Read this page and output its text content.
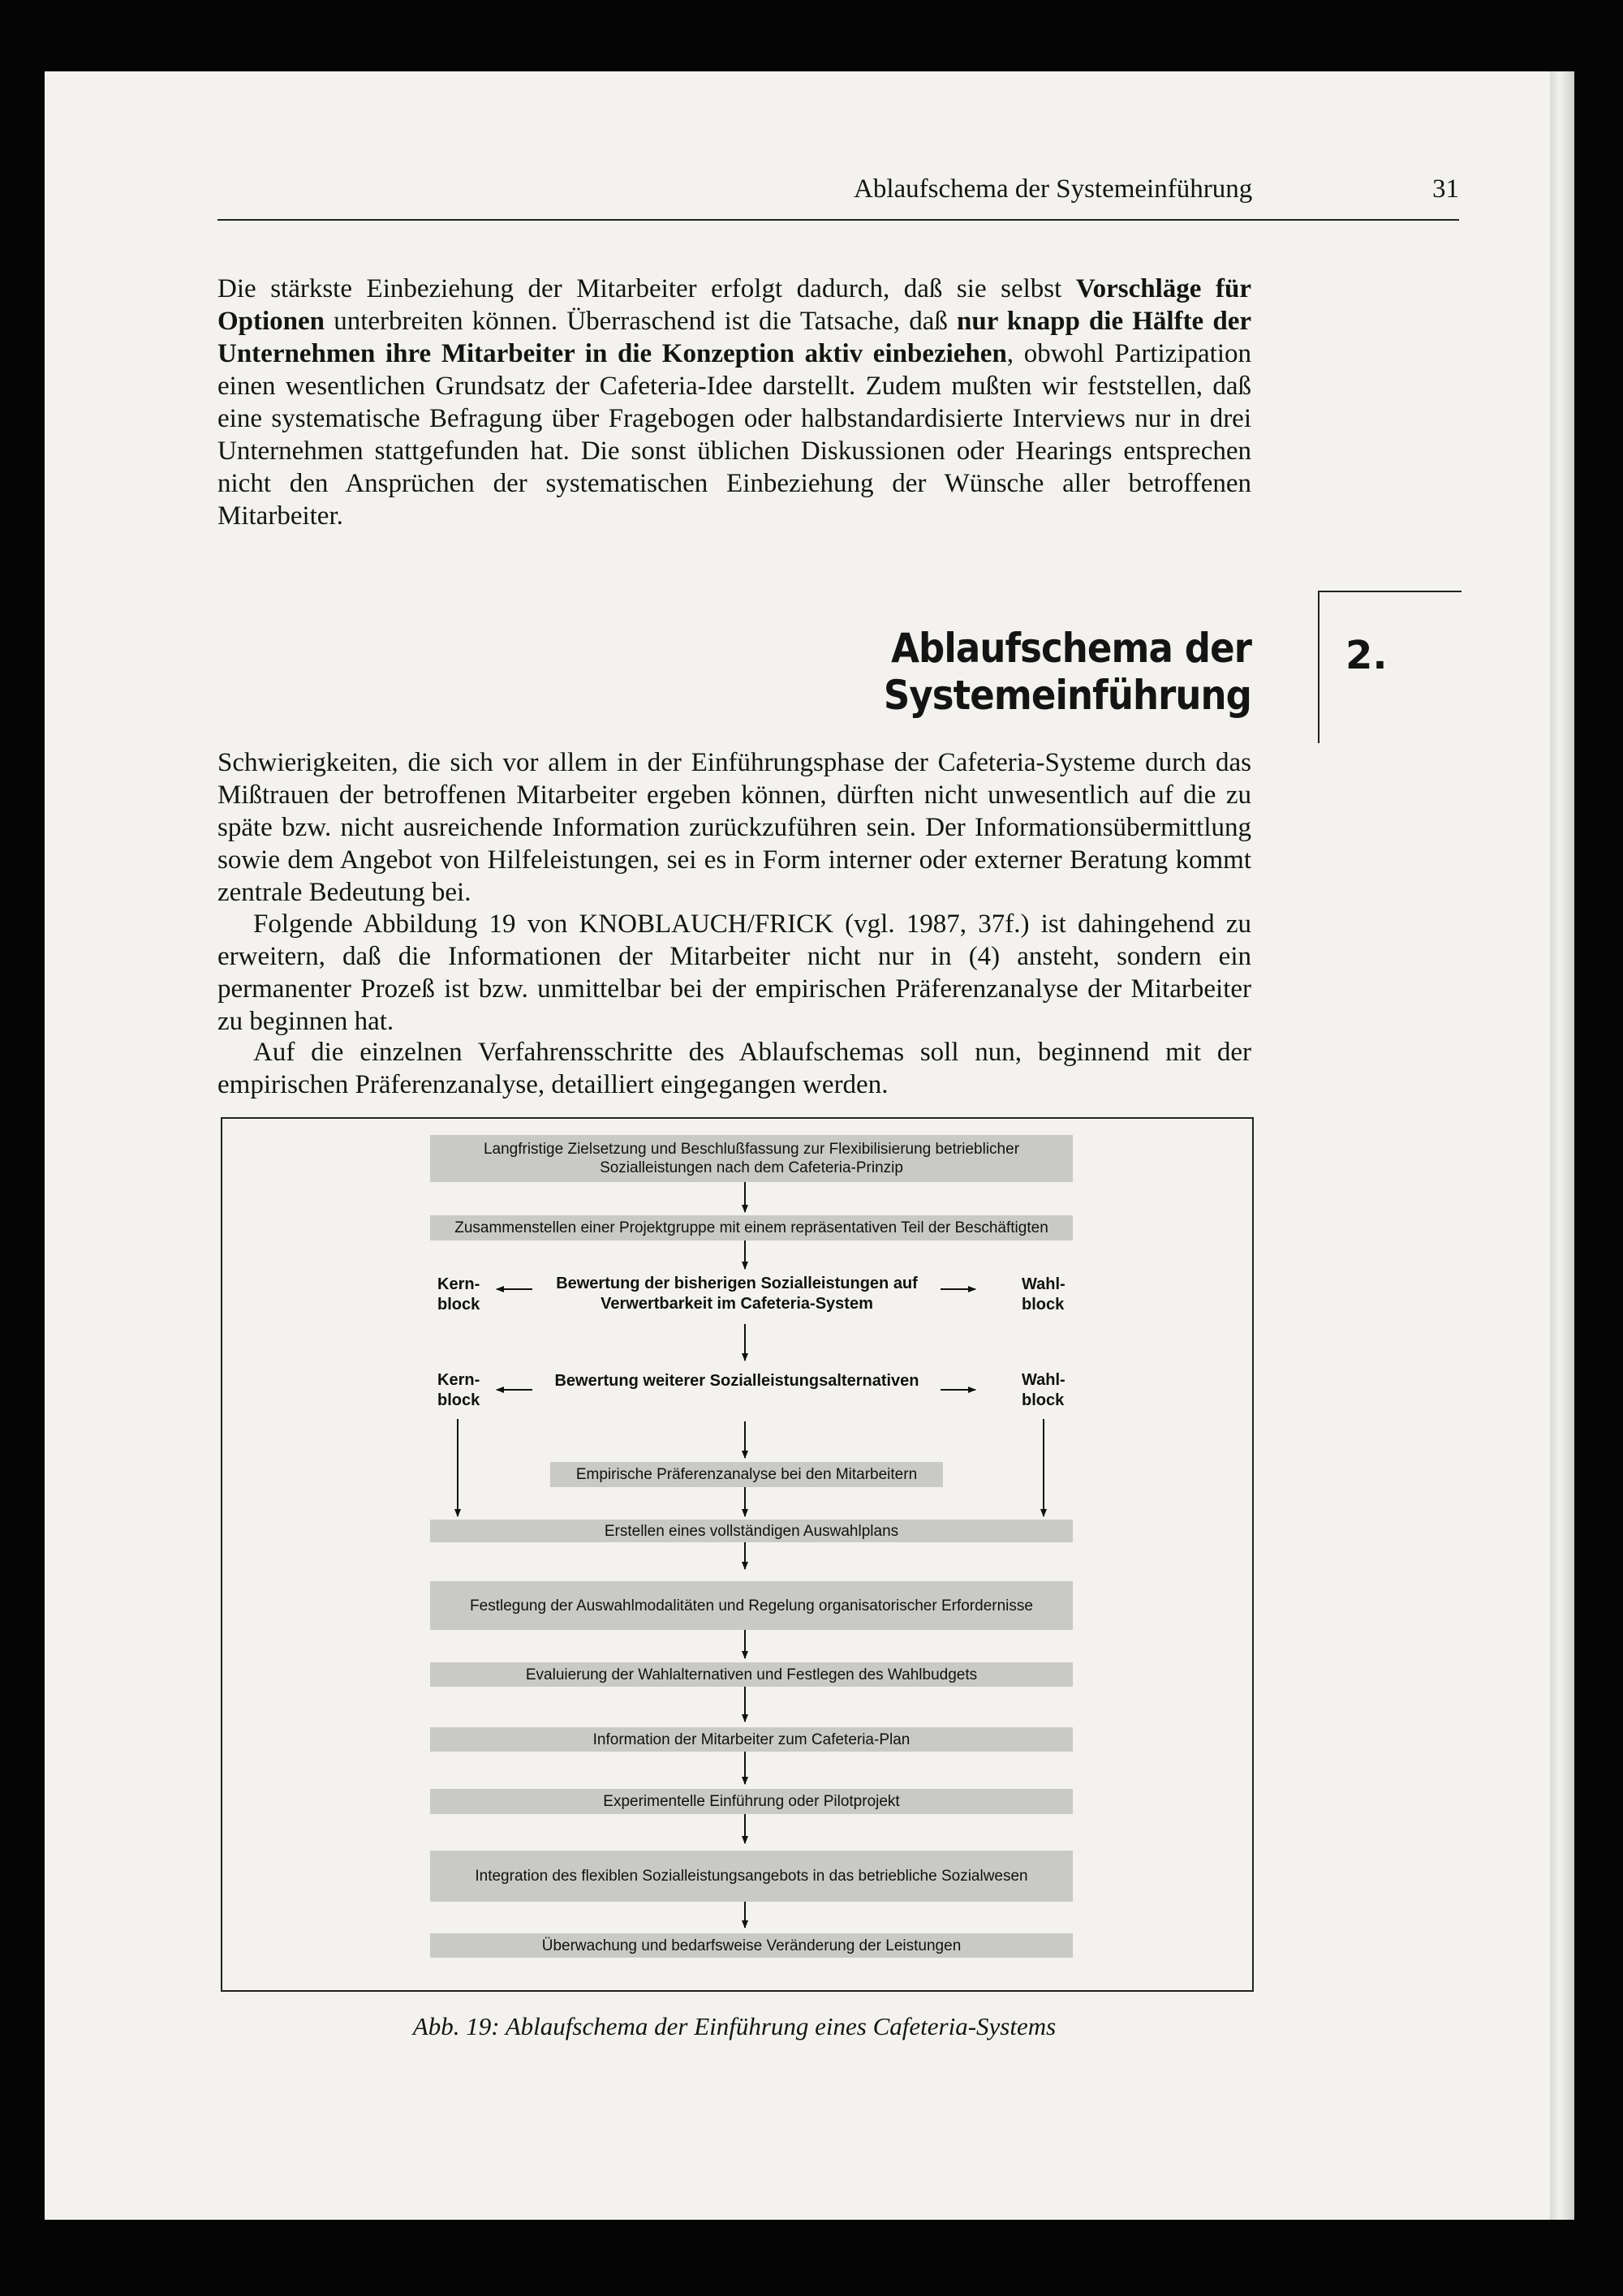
Ablaufschema der Systemeinführung	31

Die stärkste Einbeziehung der Mitarbeiter erfolgt dadurch, daß sie selbst Vorschläge für Optionen unterbreiten können. Überraschend ist die Tatsache, daß nur knapp die Hälfte der Unternehmen ihre Mitarbeiter in die Konzeption aktiv einbeziehen, obwohl Partizipation einen wesentlichen Grundsatz der Cafeteria-Idee darstellt. Zudem mußten wir feststellen, daß eine systematische Befragung über Fragebogen oder halbstandardisierte Interviews nur in drei Unternehmen stattgefunden hat. Die sonst üblichen Diskussionen oder Hearings entsprechen nicht den Ansprüchen der systematischen Einbeziehung der Wünsche aller betroffenen Mitarbeiter.

2.
Ablaufschema der Systemeinführung

Schwierigkeiten, die sich vor allem in der Einführungsphase der Cafeteria-Systeme durch das Mißtrauen der betroffenen Mitarbeiter ergeben können, dürften nicht unwesentlich auf die zu späte bzw. nicht ausreichende Information zurückzuführen sein. Der Informationsübermittlung sowie dem Angebot von Hilfeleistungen, sei es in Form interner oder externer Beratung kommt zentrale Bedeutung bei.

Folgende Abbildung 19 von KNOBLAUCH/FRICK (vgl. 1987, 37f.) ist dahingehend zu erweitern, daß die Informationen der Mitarbeiter nicht nur in (4) ansteht, sondern ein permanenter Prozeß ist bzw. unmittelbar bei der empirischen Präferenzanalyse der Mitarbeiter zu beginnen hat.

Auf die einzelnen Verfahrensschritte des Ablaufschemas soll nun, beginnend mit der empirischen Präferenzanalyse, detailliert eingegangen werden.

Langfristige Zielsetzung und Beschlußfassung zur Flexibilisierung betrieblicher Sozialleistungen nach dem Cafeteria-Prinzip
Zusammenstellen einer Projektgruppe mit einem repräsentativen Teil der Beschäftigten
Bewertung der bisherigen Sozialleistungen auf Verwertbarkeit im Cafeteria-System
Bewertung weiterer Sozialleistungsalternativen
Empirische Präferenzanalyse bei den Mitarbeitern
Erstellen eines vollständigen Auswahlplans
Festlegung der Auswahlmodalitäten und Regelung organisatorischer Erfordernisse
Evaluierung der Wahlalternativen und Festlegen des Wahlbudgets
Information der Mitarbeiter zum Cafeteria-Plan
Experimentelle Einführung oder Pilotprojekt
Integration des flexiblen Sozialleistungsangebots in das betriebliche Sozialwesen
Überwachung und bedarfsweise Veränderung der Leistungen
Kern-
block
Wahl-
block
Kern-
block
Wahl-
block
Abb. 19: Ablaufschema der Einführung eines Cafeteria-Systems
